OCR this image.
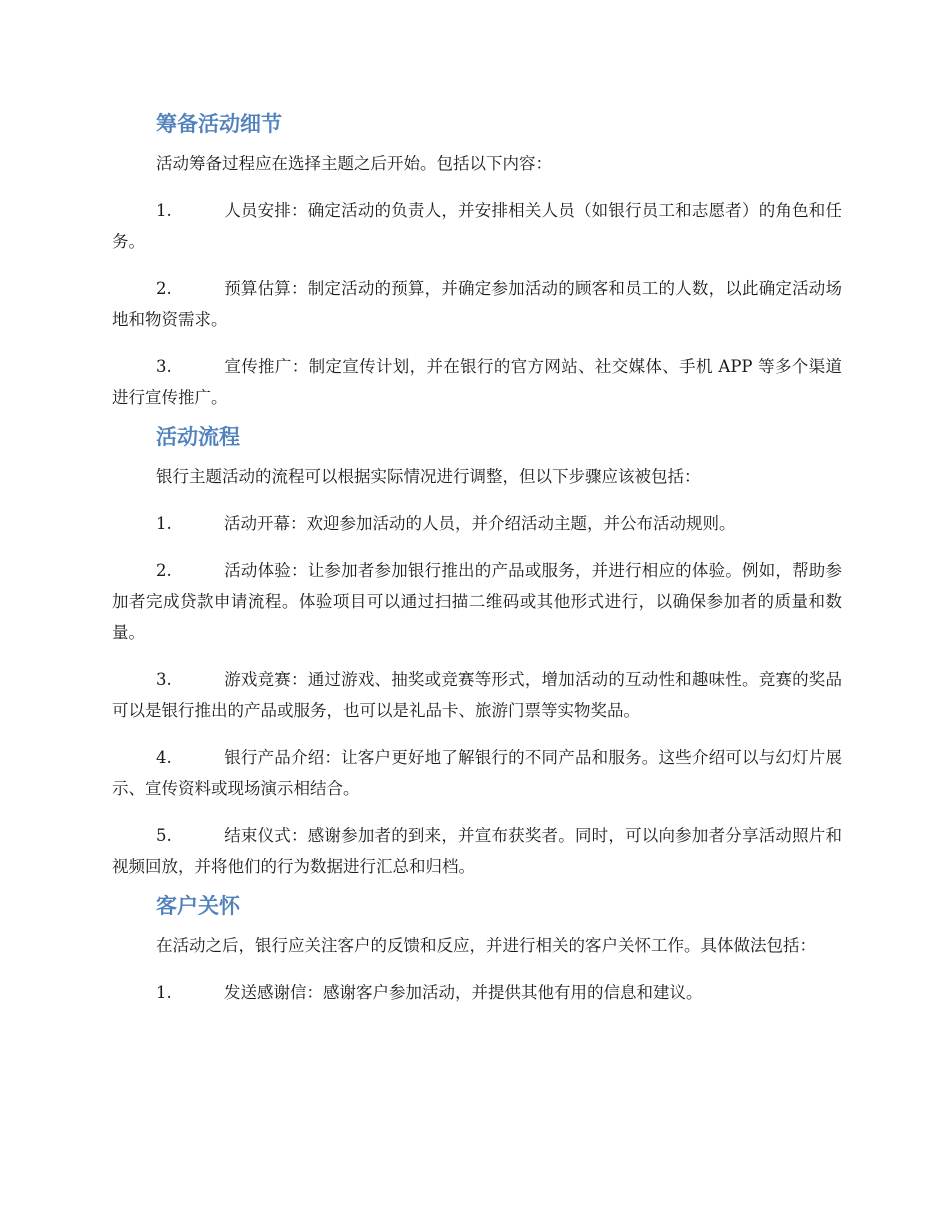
筹备活动细节

活动筹备过程应在选择主题之后开始。包括以下内容：

1.	人员安排：确定活动的负责人，并安排相关人员（如银行员工和志愿者）的角色和任务。

2.	预算估算：制定活动的预算，并确定参加活动的顾客和员工的人数，以此确定活动场地和物资需求。

3.	宣传推广：制定宣传计划，并在银行的官方网站、社交媒体、手机 APP 等多个渠道进行宣传推广。

活动流程

银行主题活动的流程可以根据实际情况进行调整，但以下步骤应该被包括：

1.	活动开幕：欢迎参加活动的人员，并介绍活动主题，并公布活动规则。

2.	活动体验：让参加者参加银行推出的产品或服务，并进行相应的体验。例如，帮助参加者完成贷款申请流程。体验项目可以通过扫描二维码或其他形式进行，以确保参加者的质量和数量。

3.	游戏竞赛：通过游戏、抽奖或竞赛等形式，增加活动的互动性和趣味性。竞赛的奖品可以是银行推出的产品或服务，也可以是礼品卡、旅游门票等实物奖品。

4.	银行产品介绍：让客户更好地了解银行的不同产品和服务。这些介绍可以与幻灯片展示、宣传资料或现场演示相结合。

5.	结束仪式：感谢参加者的到来，并宣布获奖者。同时，可以向参加者分享活动照片和视频回放，并将他们的行为数据进行汇总和归档。

客户关怀

在活动之后，银行应关注客户的反馈和反应，并进行相关的客户关怀工作。具体做法包括：

1.	发送感谢信：感谢客户参加活动，并提供其他有用的信息和建议。
